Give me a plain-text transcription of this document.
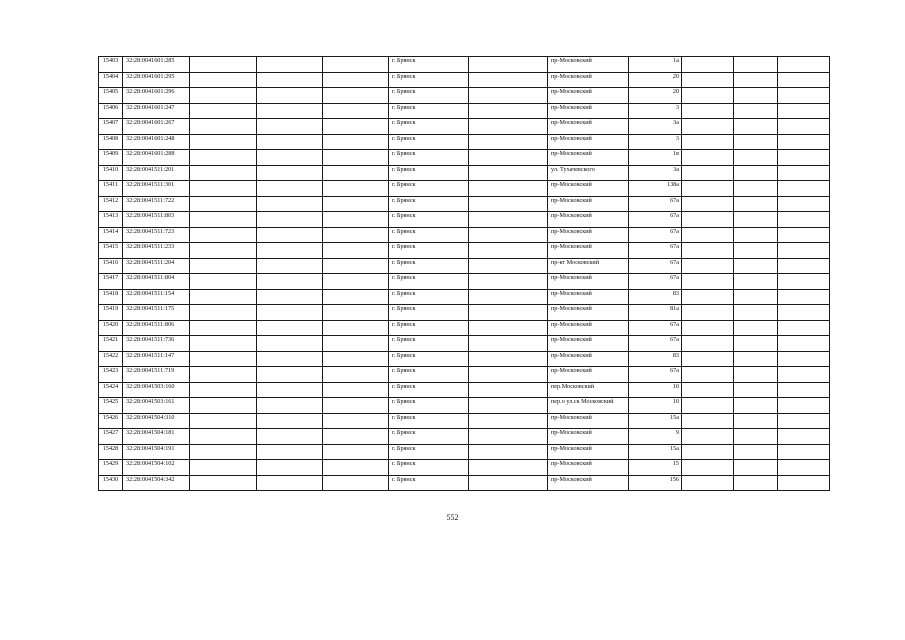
15403	32:28:0041601:285				г. Брянск		пр-Московский	1а			
15404	32:28:0041601:295				г. Брянск		пр-Московский	20			
15405	32:28:0041601:296				г. Брянск		пр-Московский	20			
15406	32:28:0041601:247				г. Брянск		пр-Московский	3			
15407	32:28:0041601:267				г. Брянск		пр-Московский	3а			
15408	32:28:0041601:248				г. Брянск		пр-Московский	3			
15409	32:28:0041601:288				г. Брянск		пр-Московский	1в			
15410	32:28:0041511:201				г. Брянск		ул. Тухачевского	3а			
15411	32:28:0041511:301				г. Брянск		пр-Московский	138а			
15412	32:28:0041511:722				г. Брянск		пр-Московский	67а			
15413	32:28:0041511:803				г. Брянск		пр-Московский	67а			
15414	32:28:0041511:723				г. Брянск		пр-Московский	67а			
15415	32:28:0041511:233				г. Брянск		пр-Московский	67а			
15416	32:28:0041511:204				г. Брянск		пр-кт Московский	67а			
15417	32:28:0041511:804				г. Брянск		пр-Московский	67а			
15418	32:28:0041511:154				г. Брянск		пр-Московский	83			
15419	32:28:0041511:175				г. Брянск		пр-Московский	81а			
15420	32:28:0041511:806				г. Брянск		пр-Московский	67а			
15421	32:28:0041511:736				г. Брянск		пр-Московский	67а			
15422	32:28:0041511:147				г. Брянск		пр-Московский	83			
15423	32:28:0041511:719				г. Брянск		пр-Московский	67а			
15424	32:28:0041503:160				г. Брянск		пер.Московский	10			
15425	32:28:0041503:161				г. Брянск		пер.о ул.ск Московский	10			
15426	32:28:0041504:310				г. Брянск		пр-Московский	15а			
15427	32:28:0041504:181				г. Брянск		пр-Московский	9			
15428	32:28:0041504:191				г. Брянск		пр-Московский	15а			
15429	32:28:0041504:102				г. Брянск		пр-Московский	15			
15430	32:28:0041504:342				г. Брянск		пр-Московский	156			
552
